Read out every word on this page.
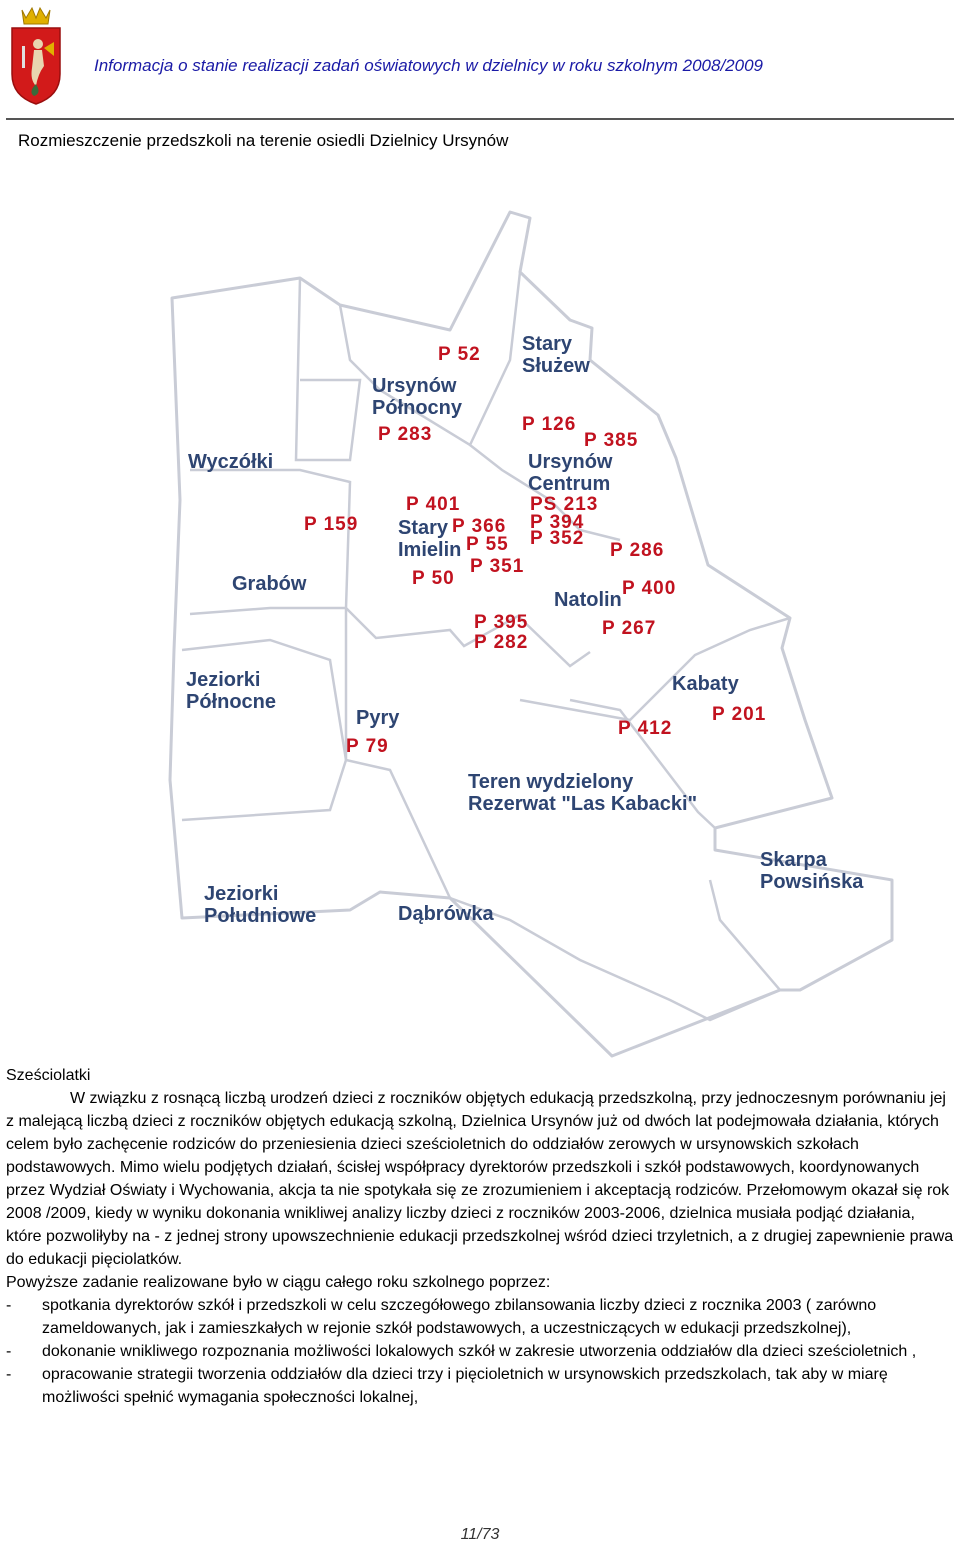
Informacja o stanie realizacji zadań oświatowych w dzielnicy w roku szkolnym 2008/2009
Rozmieszczenie przedszkoli na terenie osiedli Dzielnicy Ursynów
Stary Służew
Ursynów Północny
Wyczółki	Ursynów Centrum
Stary Imielin
Grabów
Natolin
Jeziorki Północne
Pyry
Kabaty
Teren wydzielony Rezerwat "Las Kabacki"
Skarpa Powsińska
Jeziorki Południowe	Dąbrówka
P 52
P 283	P 126
P 385
P 401	PS 213
P 159	P 366 P 394
P 55 P 352
P 286
P 351
P 50	P 400
P 395
P 282
P 267
P 201
P 412
P 79

Sześciolatki

W związku z rosnącą liczbą urodzeń dzieci z roczników objętych edukacją przedszkolną, przy jednoczesnym porównaniu jej z malejącą liczbą dzieci z roczników objętych edukacją szkolną, Dzielnica Ursynów już od dwóch lat podejmowała działania, których celem było zachęcenie rodziców do przeniesienia dzieci sześcioletnich do oddziałów zerowych w ursynowskich szkołach podstawowych. Mimo wielu podjętych działań, ścisłej współpracy dyrektorów przedszkoli i szkół podstawowych, koordynowanych przez Wydział Oświaty i Wychowania, akcja ta nie spotykała się ze zrozumieniem i akceptacją rodziców. Przełomowym okazał się rok 2008 /2009, kiedy w wyniku dokonania wnikliwej analizy liczby dzieci z roczników 2003-2006, dzielnica musiała podjąć działania, które pozwoliłyby na - z jednej strony upowszechnienie edukacji przedszkolnej wśród dzieci trzyletnich, a z drugiej zapewnienie prawa do edukacji pięciolatków.

Powyższe zadanie realizowane było w ciągu całego roku szkolnego poprzez:

-	spotkania dyrektorów szkół i przedszkoli w celu szczegółowego zbilansowania liczby dzieci z rocznika 2003 ( zarówno zameldowanych, jak i zamieszkałych w rejonie szkół podstawowych, a uczestniczących w edukacji przedszkolnej),
-	dokonanie wnikliwego rozpoznania możliwości lokalowych szkół w zakresie utworzenia oddziałów dla dzieci sześcioletnich ,
-	opracowanie strategii tworzenia oddziałów dla dzieci trzy i pięcioletnich w ursynowskich przedszkolach, tak aby w miarę możliwości spełnić wymagania społeczności lokalnej,
11/73
